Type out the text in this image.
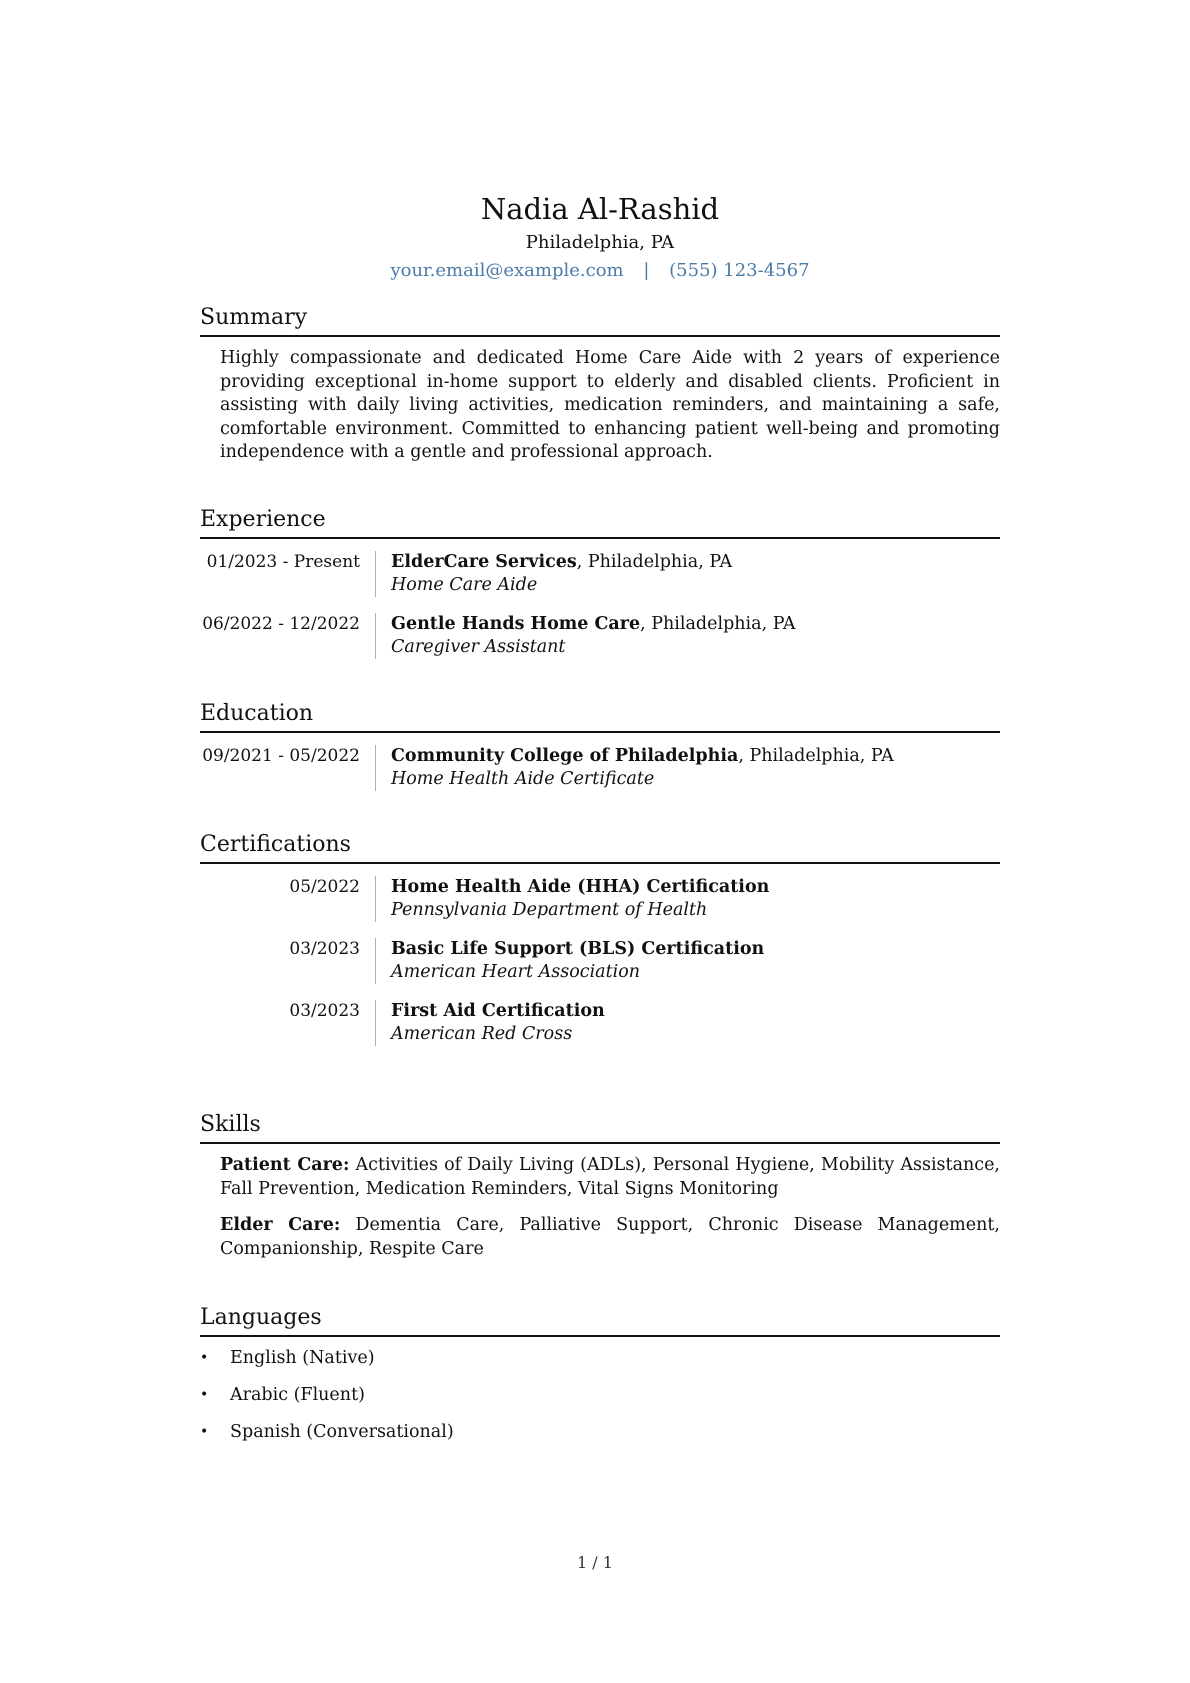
Nadia Al-Rashid
Philadelphia, PA
your.email@example.com | (555) 123-4567
Summary

Highly compassionate and dedicated Home Care Aide with 2 years of experience providing exceptional in-home support to elderly and disabled clients. Proficient in assisting with daily living activities, medication reminders, and maintaining a safe, comfortable environment. Committed to enhancing patient well-being and promoting independence with a gentle and professional approach.

Experience
01/2023 - Present	ElderCare Services, Philadelphia, PA
Home Care Aide
06/2022 - 12/2022	Gentle Hands Home Care, Philadelphia, PA
Caregiver Assistant
Education
09/2021 - 05/2022	Community College of Philadelphia, Philadelphia, PA
Home Health Aide Certificate
Certifications
05/2022	Home Health Aide (HHA) Certification
Pennsylvania Department of Health
03/2023	Basic Life Support (BLS) Certification
American Heart Association
03/2023	First Aid Certification
American Red Cross
Skills

Patient Care: Activities of Daily Living (ADLs), Personal Hygiene, Mobility Assistance, Fall Prevention, Medication Reminders, Vital Signs Monitoring

Elder Care: Dementia Care, Palliative Support, Chronic Disease Management, Companionship, Respite Care

Languages
• English (Native)
• Arabic (Fluent)
• Spanish (Conversational)
1 / 1
